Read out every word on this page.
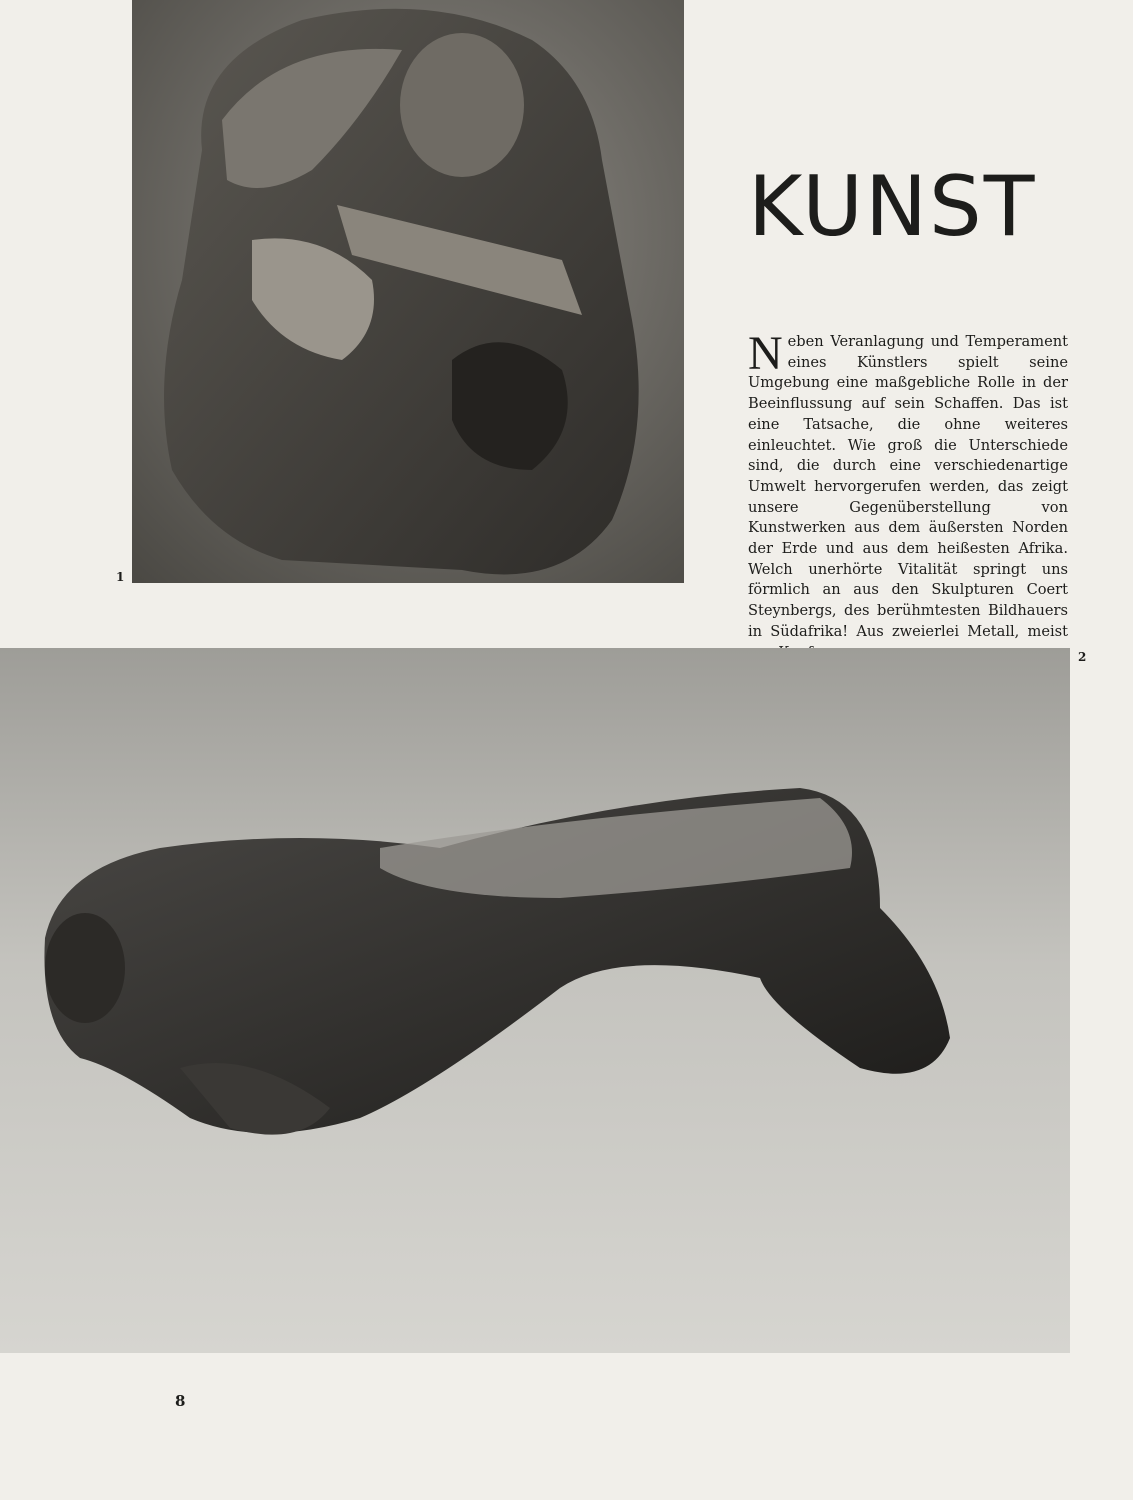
1
KUNST

Neben Veranlagung und Temperament eines Künstlers spielt seine Umgebung eine maßgebliche Rolle in der Beeinflussung auf sein Schaffen. Das ist eine Tatsache, die ohne weiteres einleuchtet. Wie groß die Unterschiede sind, die durch eine verschiedenartige Umwelt hervorgerufen werden, das zeigt unsere Gegenüberstellung von Kunstwerken aus dem äußersten Norden der Erde und aus dem heißesten Afrika. Welch unerhörte Vitalität springt uns förmlich an aus den Skulpturen Coert Steynbergs, des berühmtesten Bildhauers in Südafrika! Aus zweierlei Metall, meist

2
8
